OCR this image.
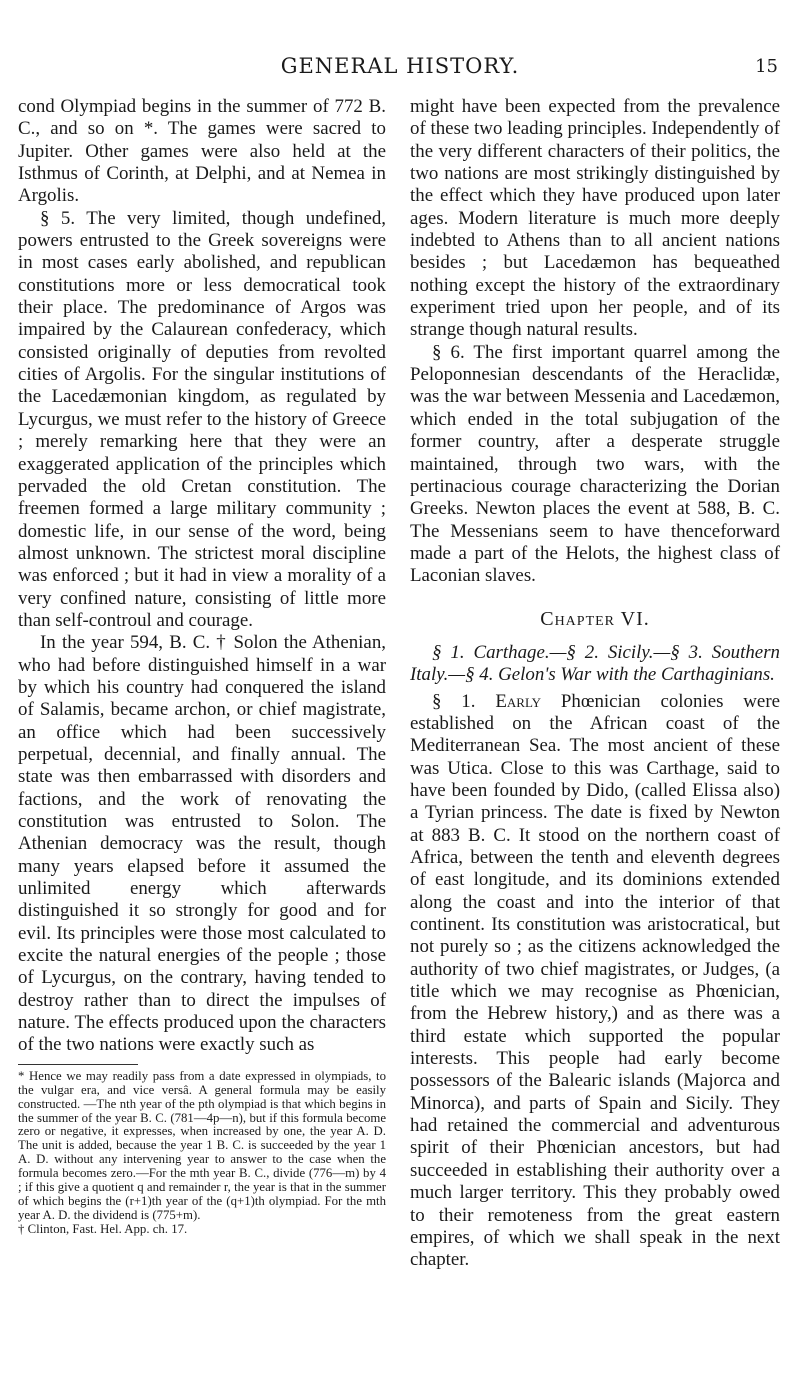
GENERAL HISTORY.	15

cond Olympiad begins in the summer of 772 B. C., and so on *. The games were sacred to Jupiter. Other games were also held at the Isthmus of Corinth, at Delphi, and at Nemea in Argolis.

§ 5. The very limited, though undefined, powers entrusted to the Greek sovereigns were in most cases early abolished, and republican constitutions more or less democratical took their place. The predominance of Argos was impaired by the Calaurean confederacy, which consisted originally of deputies from revolted cities of Argolis. For the singular institutions of the Lacedæmonian kingdom, as regulated by Lycurgus, we must refer to the history of Greece ; merely remarking here that they were an exaggerated application of the principles which pervaded the old Cretan constitution. The freemen formed a large military community ; domestic life, in our sense of the word, being almost unknown. The strictest moral discipline was enforced ; but it had in view a morality of a very confined nature, consisting of little more than self-controul and courage.

In the year 594, B. C. † Solon the Athenian, who had before distinguished himself in a war by which his country had conquered the island of Salamis, became archon, or chief magistrate, an office which had been successively perpetual, decennial, and finally annual. The state was then embarrassed with disorders and factions, and the work of renovating the constitution was entrusted to Solon. The Athenian democracy was the result, though many years elapsed before it assumed the unlimited energy which afterwards distinguished it so strongly for good and for evil. Its principles were those most calculated to excite the natural energies of the people ; those of Lycurgus, on the contrary, having tended to destroy rather than to direct the impulses of nature. The effects produced upon the characters of the two nations were exactly such as

* Hence we may readily pass from a date expressed in olympiads, to the vulgar era, and vice versâ. A general formula may be easily constructed. —The nth year of the pth olympiad is that which begins in the summer of the year B. C. (781—4p—n), but if this formula become zero or negative, it expresses, when increased by one, the year A. D. The unit is added, because the year 1 B. C. is succeeded by the year 1 A. D. without any intervening year to answer to the case when the formula becomes zero.—For the mth year B. C., divide (776—m) by 4 ; if this give a quotient q and remainder r, the year is that in the summer of which begins the (r+1)th year of the (q+1)th olympiad. For the mth year A. D. the dividend is (775+m).

† Clinton, Fast. Hel. App. ch. 17.

might have been expected from the prevalence of these two leading principles. Independently of the very different characters of their politics, the two nations are most strikingly distinguished by the effect which they have produced upon later ages. Modern literature is much more deeply indebted to Athens than to all ancient nations besides ; but Lacedæmon has bequeathed nothing except the history of the extraordinary experiment tried upon her people, and of its strange though natural results.

§ 6. The first important quarrel among the Peloponnesian descendants of the Heraclidæ, was the war between Messenia and Lacedæmon, which ended in the total subjugation of the former country, after a desperate struggle maintained, through two wars, with the pertinacious courage characterizing the Dorian Greeks. Newton places the event at 588, B. C. The Messenians seem to have thenceforward made a part of the Helots, the highest class of Laconian slaves.

Chapter VI.

§ 1. Carthage.—§ 2. Sicily.—§ 3. Southern Italy.—§ 4. Gelon's War with the Carthaginians.

§ 1. Early Phœnician colonies were established on the African coast of the Mediterranean Sea. The most ancient of these was Utica. Close to this was Carthage, said to have been founded by Dido, (called Elissa also) a Tyrian princess. The date is fixed by Newton at 883 B. C. It stood on the northern coast of Africa, between the tenth and eleventh degrees of east longitude, and its dominions extended along the coast and into the interior of that continent. Its constitution was aristocratical, but not purely so ; as the citizens acknowledged the authority of two chief magistrates, or Judges, (a title which we may recognise as Phœnician, from the Hebrew history,) and as there was a third estate which supported the popular interests. This people had early become possessors of the Balearic islands (Majorca and Minorca), and parts of Spain and Sicily. They had retained the commercial and adventurous spirit of their Phœnician ancestors, but had succeeded in establishing their authority over a much larger territory. This they probably owed to their remoteness from the great eastern empires, of which we shall speak in the next chapter.
